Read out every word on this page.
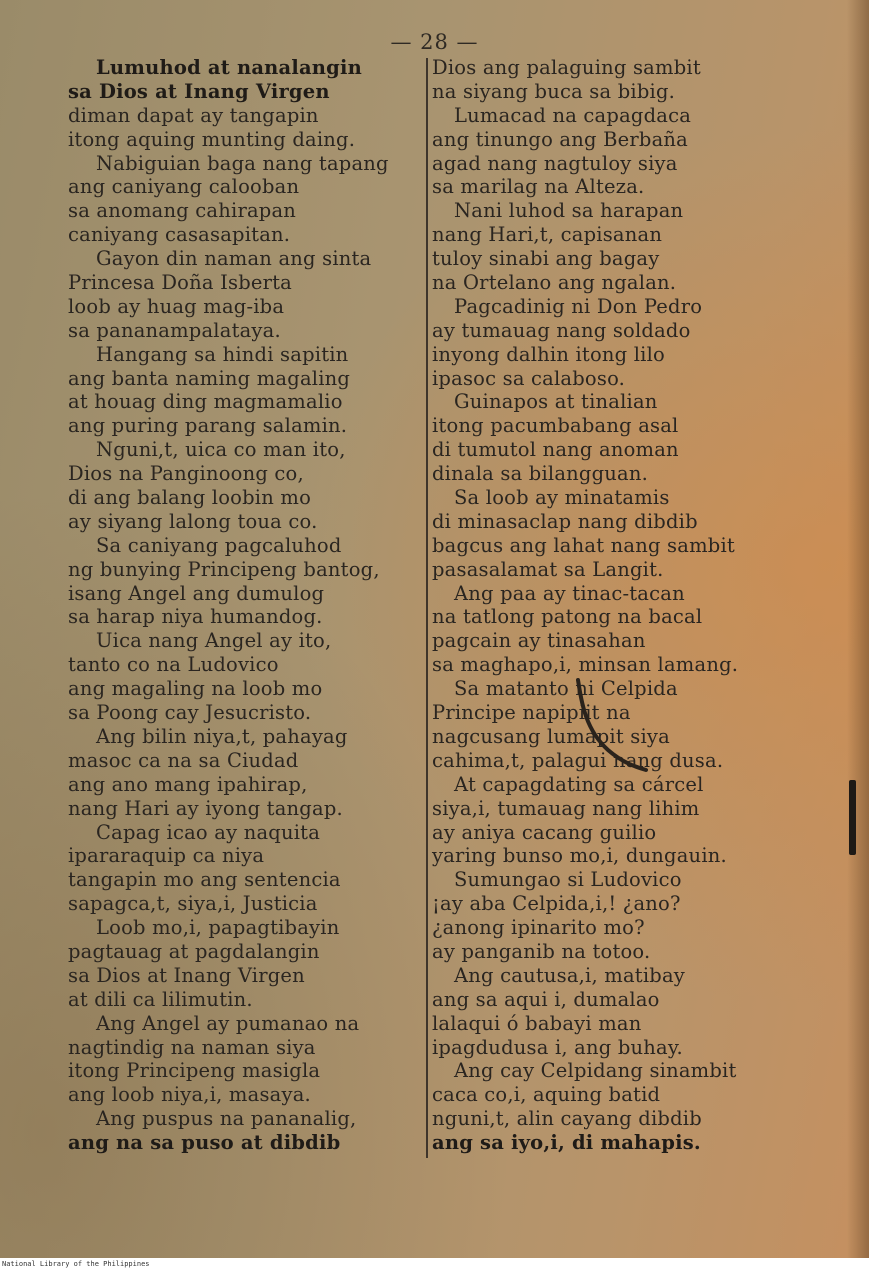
— 28 —
Lumuhod at nanalangin
sa Dios at Inang Virgen
diman dapat ay tangapin
itong aquing munting daing.
Nabiguian baga nang tapang
ang caniyang calooban
sa anomang cahirapan
caniyang casasapitan.
Gayon din naman ang sinta
Princesa Doña Isberta
loob ay huag mag-iba
sa pananampalataya.
Hangang sa hindi sapitin
ang banta naming magaling
at houag ding magmamalio
ang puring parang salamin.
Nguni,t, uica co man ito,
Dios na Panginoong co,
di ang balang loobin mo
ay siyang lalong toua co.
Sa caniyang pagcaluhod
ng bunying Principeng bantog,
isang Angel ang dumulog
sa harap niya humandog.
Uica nang Angel ay ito,
tanto co na Ludovico
ang magaling na loob mo
sa Poong cay Jesucristo.
Ang bilin niya,t, pahayag
masoc ca na sa Ciudad
ang ano mang ipahirap,
nang Hari ay iyong tangap.
Capag icao ay naquita
ipararaquip ca niya
tangapin mo ang sentencia
sapagca,t, siya,i, Justicia
Loob mo,i, papagtibayin
pagtauag at pagdalangin
sa Dios at Inang Virgen
at dili ca lilimutin.
Ang Angel ay pumanao na
nagtindig na naman siya
itong Principeng masigla
ang loob niya,i, masaya.
Ang puspus na pananalig,
ang na sa puso at dibdib
Dios ang palaguing sambit
na siyang buca sa bibig.
Lumacad na capagdaca
ang tinungo ang Berbaña
agad nang nagtuloy siya
sa marilag na Alteza.
Nani luhod sa harapan
nang Hari,t, capisanan
tuloy sinabi ang bagay
na Ortelano ang ngalan.
Pagcadinig ni Don Pedro
ay tumauag nang soldado
inyong dalhin itong lilo
ipasoc sa calaboso.
Guinapos at tinalian
itong pacumbabang asal
di tumutol nang anoman
dinala sa bilangguan.
Sa loob ay minatamis
di minasaclap nang dibdib
bagcus ang lahat nang sambit
pasasalamat sa Langit.
Ang paa ay tinac-tacan
na tatlong patong na bacal
pagcain ay tinasahan
sa maghapo,i, minsan lamang.
Sa matanto ni Celpida
Principe napipiit na
nagcusang lumapit siya
cahima,t, palagui nang dusa.
At capagdating sa cárcel
siya,i, tumauag nang lihim
ay aniya cacang guilio
yaring bunso mo,i, dungauin.
Sumungao si Ludovico
¡ay aba Celpida,i,! ¿ano?
¿anong ipinarito mo?
ay panganib na totoo.
Ang cautusa,i, matibay
ang sa aqui i, dumalao
lalaqui ó babayi man
ipagdudusa i, ang buhay.
Ang cay Celpidang sinambit
caca co,i, aquing batid
nguni,t, alin cayang dibdib
ang sa iyo,i, di mahapis.
National Library of the Philippines
